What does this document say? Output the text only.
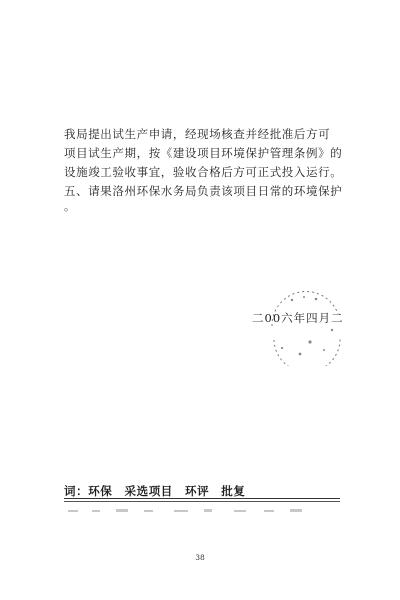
我局提出试生产申请，经现场核查并经批准后方可
项目试生产期，按《建设项目环境保护管理条例》的
设施竣工验收事宜，验收合格后方可正式投入运行。
五、请果洛州环保水务局负责该项目日常的环境保护
。
二00六年四月二
词：环保　采选项目　环评　批复
38
